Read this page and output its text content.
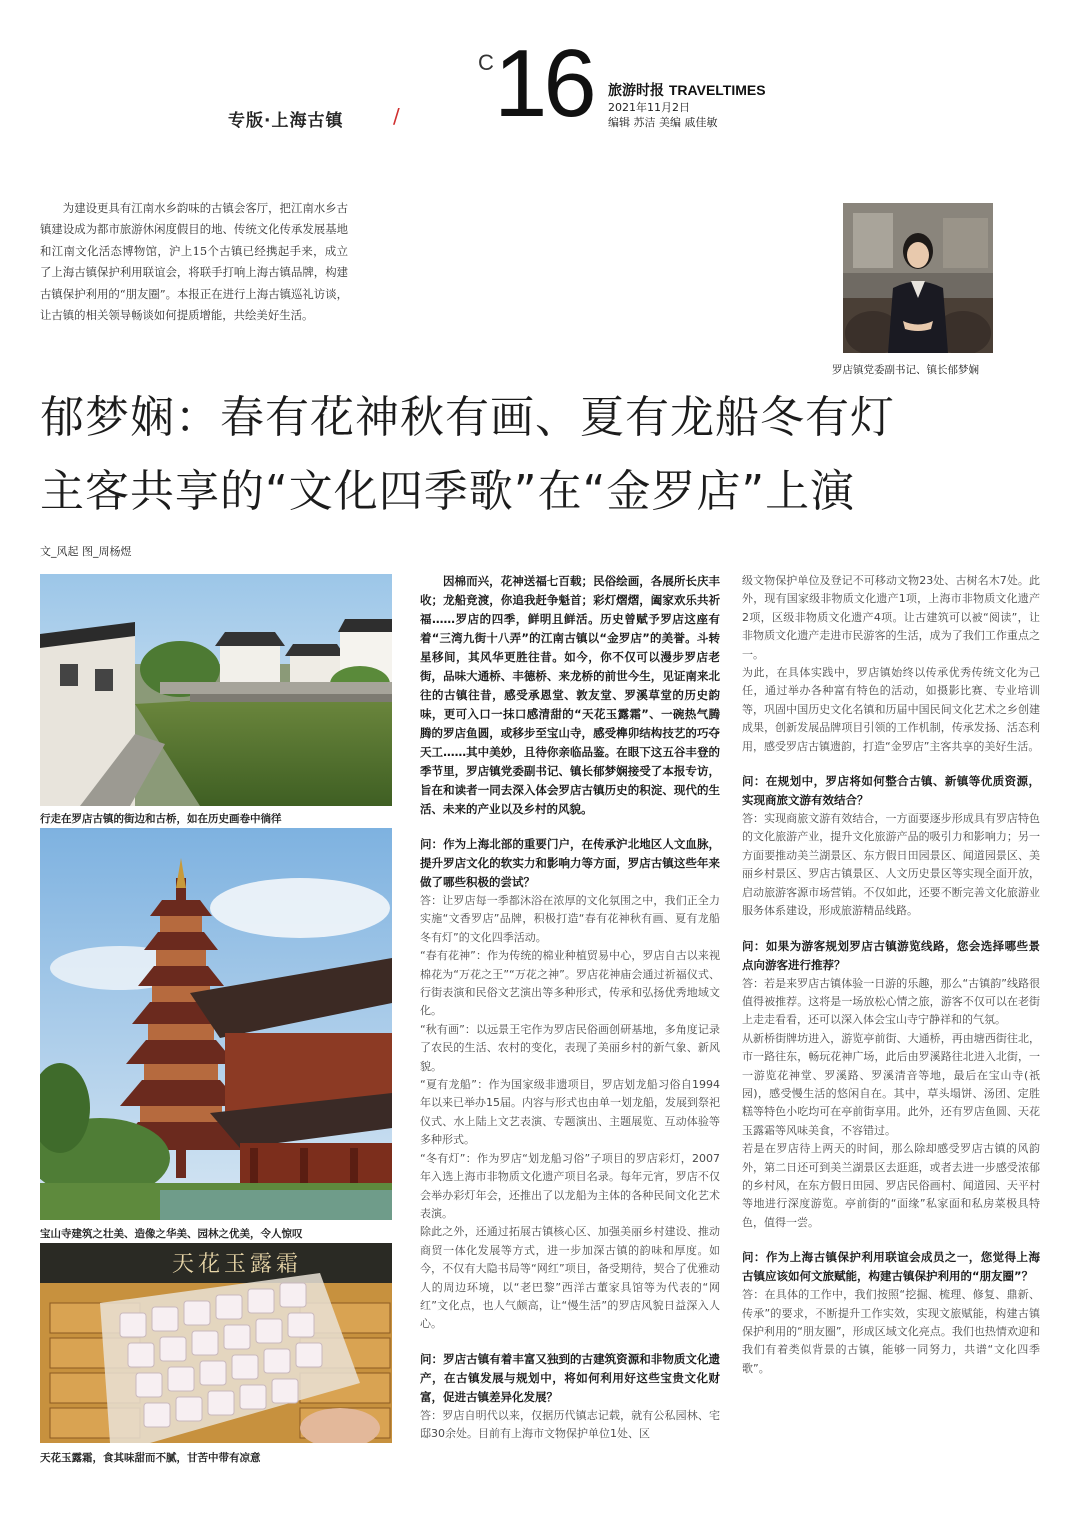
专版·上海古镇 /
C 16 旅游时报 TRAVELTIMES
2021年11月2日
编辑 苏洁 美编 戚佳敏
为建设更具有江南水乡韵味的古镇会客厅，把江南水乡古镇建设成为都市旅游休闲度假目的地、传统文化传承发展基地和江南文化活态博物馆，沪上15个古镇已经携起手来，成立了上海古镇保护利用联谊会，将联手打响上海古镇品牌，构建古镇保护利用的“朋友圈”。本报正在进行上海古镇巡礼访谈，让古镇的相关领导畅谈如何提质增能，共绘美好生活。
罗店镇党委副书记、镇长郁梦娴
郁梦娴：春有花神秋有画、夏有龙船冬有灯
主客共享的“文化四季歌”在“金罗店”上演
文_风起 图_周杨煜
行走在罗店古镇的街边和古桥，如在历史画卷中徜徉
宝山寺建筑之壮美、造像之华美、园林之优美，令人惊叹
天花玉露霜
天花玉露霜，食其味甜而不腻，甘苦中带有凉意

因棉而兴，花神送福七百载；民俗绘画，各展所长庆丰收；龙船竞渡，你追我赶争魁首；彩灯熠熠，阖家欢乐共祈福……罗店的四季，鲜明且鲜活。历史曾赋予罗店这座有着“三湾九街十八弄”的江南古镇以“金罗店”的美誉。斗转星移间，其风华更胜往昔。如今，你不仅可以漫步罗店老街，品味大通桥、丰德桥、来龙桥的前世今生，见证南来北往的古镇往昔，感受承恩堂、敦友堂、罗溪草堂的历史韵味，更可入口一抹口感清甜的“天花玉露霜”、一碗热气腾腾的罗店鱼圆，或移步至宝山寺，感受榫卯结构技艺的巧夺天工……其中美妙，且待你亲临品鉴。在眼下这五谷丰登的季节里，罗店镇党委副书记、镇长郁梦娴接受了本报专访，旨在和读者一同去深入体会罗店古镇历史的积淀、现代的生活、未来的产业以及乡村的风貌。

问：作为上海北部的重要门户，在传承沪北地区人文血脉，提升罗店文化的软实力和影响力等方面，罗店古镇这些年来做了哪些积极的尝试？

答：让罗店每一季都沐浴在浓厚的文化氛围之中，我们正全力实施“文香罗店”品牌，积极打造“春有花神秋有画、夏有龙船冬有灯”的文化四季活动。

“春有花神”：作为传统的棉业种植贸易中心，罗店自古以来视棉花为“万花之王”“万花之神”。罗店花神庙会通过祈福仪式、行街表演和民俗文艺演出等多种形式，传承和弘扬优秀地域文化。

“秋有画”：以远景王宅作为罗店民俗画创研基地，多角度记录了农民的生活、农村的变化，表现了美丽乡村的新气象、新风貌。

“夏有龙船”：作为国家级非遗项目，罗店划龙船习俗自1994年以来已举办15届。内容与形式也由单一划龙船，发展到祭祀仪式、水上陆上文艺表演、专题演出、主题展览、互动体验等多种形式。

“冬有灯”：作为罗店“划龙船习俗”子项目的罗店彩灯，2007年入选上海市非物质文化遗产项目名录。每年元宵，罗店不仅会举办彩灯年会，还推出了以龙船为主体的各种民间文化艺术表演。

除此之外，还通过拓展古镇核心区、加强美丽乡村建设、推动商贸一体化发展等方式，进一步加深古镇的韵味和厚度。如今，不仅有大隐书局等“网红”项目，备受期待，契合了优雅动人的周边环境，以“老巴黎”西洋古董家具馆等为代表的“网红”文化点，也人气颇高，让“慢生活”的罗店风貌日益深入人心。

问：罗店古镇有着丰富又独到的古建筑资源和非物质文化遗产，在古镇发展与规划中，将如何利用好这些宝贵文化财富，促进古镇差异化发展？

答：罗店自明代以来，仅据历代镇志记载，就有公私园林、宅邸30余处。目前有上海市文物保护单位1处、区

级文物保护单位及登记不可移动文物23处、古树名木7处。此外，现有国家级非物质文化遗产1项，上海市非物质文化遗产2项，区级非物质文化遗产4项。让古建筑可以被“阅读”，让非物质文化遗产走进市民游客的生活，成为了我们工作重点之一。

为此，在具体实践中，罗店镇始终以传承优秀传统文化为己任，通过举办各种富有特色的活动，如摄影比赛、专业培训等，巩固中国历史文化名镇和历届中国民间文化艺术之乡创建成果，创新发展品牌项目引领的工作机制，传承发扬、活态利用，感受罗店古镇遗韵，打造“金罗店”主客共享的美好生活。

问：在规划中，罗店将如何整合古镇、新镇等优质资源，实现商旅文游有效结合？

答：实现商旅文游有效结合，一方面要逐步形成具有罗店特色的文化旅游产业，提升文化旅游产品的吸引力和影响力；另一方面要推动美兰湖景区、东方假日田园景区、闻道园景区、美丽乡村景区、罗店古镇景区、人文历史景区等实现全面开放，启动旅游客源市场营销。不仅如此，还要不断完善文化旅游业服务体系建设，形成旅游精品线路。

问：如果为游客规划罗店古镇游览线路，您会选择哪些景点向游客进行推荐？

答：若是来罗店古镇体验一日游的乐趣，那么“古镇韵”线路很值得被推荐。这将是一场放松心情之旅，游客不仅可以在老街上走走看看，还可以深入体会宝山寺宁静祥和的气氛。

从新桥街牌坊进入，游览亭前街、大通桥，再由塘西街往北，市一路往东，畅玩花神广场，此后由罗溪路往北进入北街，一一游览花神堂、罗溪路、罗溪清音等地，最后在宝山寺(祇园)，感受慢生活的悠闲自在。其中，草头塌饼、汤团、定胜糕等特色小吃均可在亭前街享用。此外，还有罗店鱼圆、天花玉露霜等风味美食，不容错过。

若是在罗店待上两天的时间，那么除却感受罗店古镇的风韵外，第二日还可到美兰湖景区去逛逛，或者去进一步感受浓郁的乡村风，在东方假日田园、罗店民俗画村、闻道园、天平村等地进行深度游览。亭前街的“面缘”私家面和私房菜极具特色，值得一尝。

问：作为上海古镇保护利用联谊会成员之一，您觉得上海古镇应该如何文旅赋能，构建古镇保护利用的“朋友圈”？

答：在具体的工作中，我们按照“挖掘、梳理、修复、鼎新、传承”的要求，不断提升工作实效，实现文旅赋能，构建古镇保护利用的“朋友圈”，形成区域文化亮点。我们也热情欢迎和我们有着类似背景的古镇，能够一同努力，共谱“文化四季歌”。
